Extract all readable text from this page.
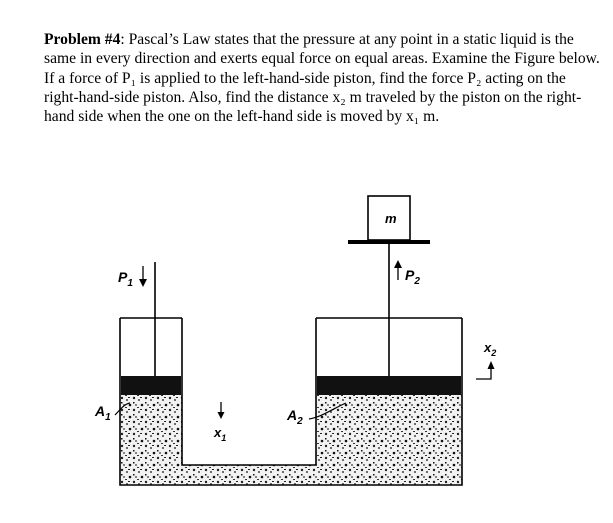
Problem #4: Pascal’s Law states that the pressure at any point in a static liquid is the same in every direction and exerts equal force on equal areas. Examine the Figure below. If a force of P₁ is applied to the left-hand-side piston, find the force P₂ acting on the right-hand-side piston. Also, find the distance x₂ m traveled by the piston on the right-hand side when the one on the left-hand side is moved by x₁ m.
m
$P_1$
$P_2$
$A_1$	$A_2$
$x_1$
$x_2$
